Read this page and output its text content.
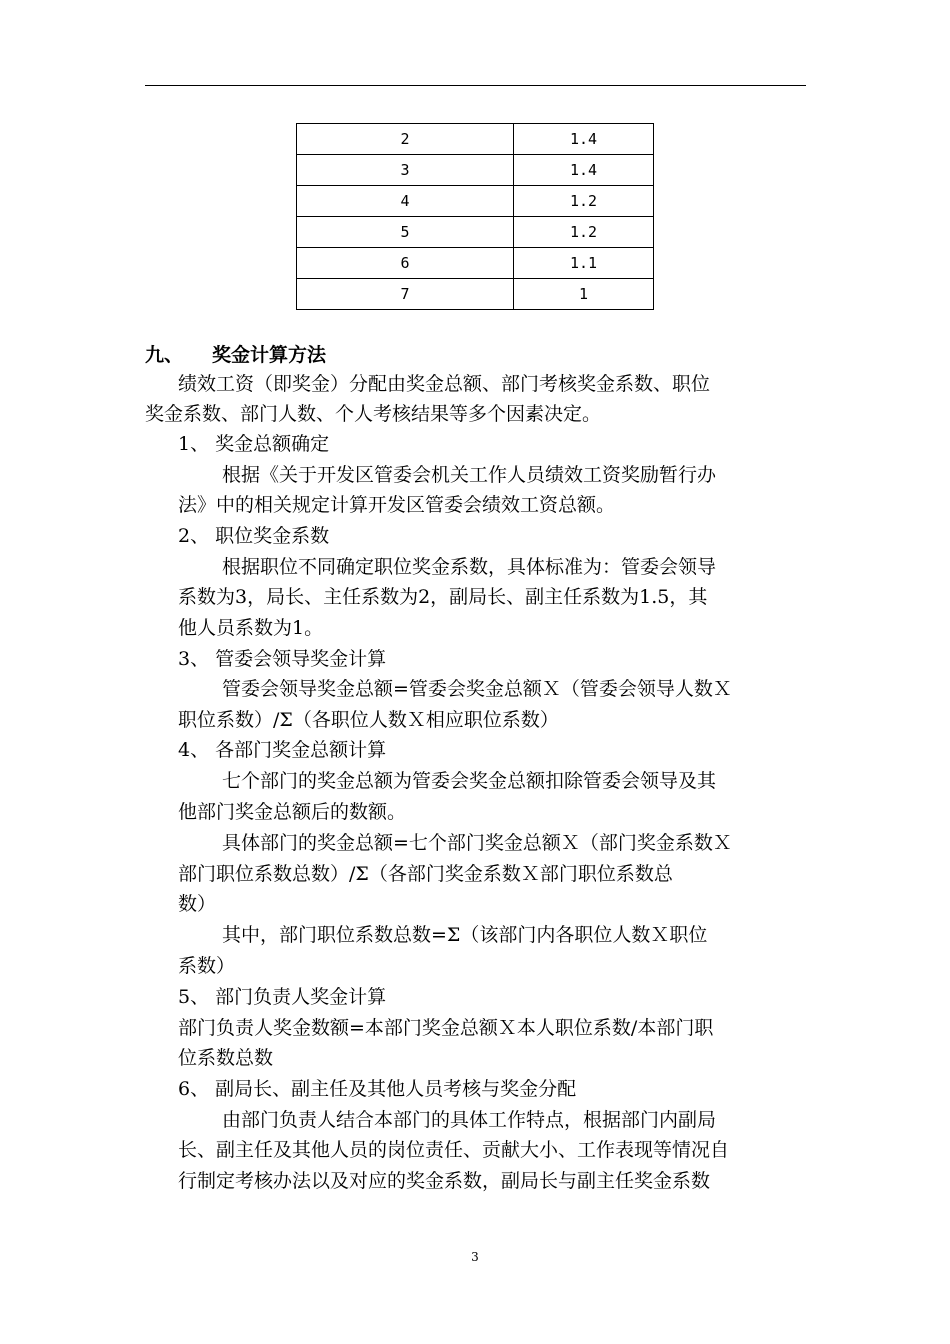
2	1.4
3	1.4
4	1.2
5	1.2
6	1.1
7	1
九、 奖金计算方法
绩效工资（即奖金）分配由奖金总额、部门考核奖金系数、职位
奖金系数、部门人数、个人考核结果等多个因素决定。
1、 奖金总额确定
根据《关于开发区管委会机关工作人员绩效工资奖励暂行办
法》中的相关规定计算开发区管委会绩效工资总额。
2、 职位奖金系数
根据职位不同确定职位奖金系数，具体标准为：管委会领导
系数为3，局长、主任系数为2，副局长、副主任系数为1.5，其
他人员系数为1。
3、 管委会领导奖金计算
管委会领导奖金总额=管委会奖金总额Ｘ（管委会领导人数Ｘ
职位系数）/Σ（各职位人数Ｘ相应职位系数）
4、 各部门奖金总额计算
七个部门的奖金总额为管委会奖金总额扣除管委会领导及其
他部门奖金总额后的数额。
具体部门的奖金总额=七个部门奖金总额Ｘ（部门奖金系数Ｘ
部门职位系数总数）/Σ（各部门奖金系数Ｘ部门职位系数总
数）
其中，部门职位系数总数=Σ（该部门内各职位人数Ｘ职位
系数）
5、 部门负责人奖金计算
部门负责人奖金数额=本部门奖金总额Ｘ本人职位系数/本部门职
位系数总数
6、 副局长、副主任及其他人员考核与奖金分配
由部门负责人结合本部门的具体工作特点，根据部门内副局
长、副主任及其他人员的岗位责任、贡献大小、工作表现等情况自
行制定考核办法以及对应的奖金系数，副局长与副主任奖金系数
3
